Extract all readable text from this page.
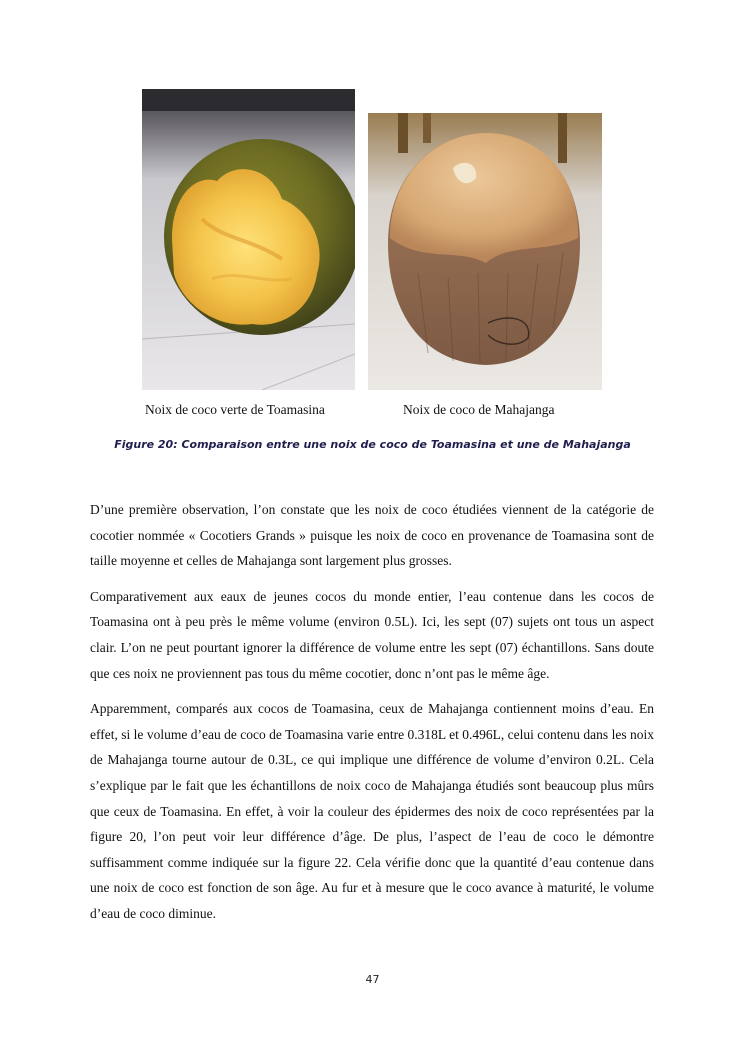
Noix de coco verte de Toamasina	Noix de coco de Mahajanga
Figure 20: Comparaison entre une noix de coco de Toamasina et une de Mahajanga

D’une première observation, l’on constate que les noix de coco étudiées viennent de la catégorie de cocotier nommée « Cocotiers Grands » puisque les noix de coco en provenance de Toamasina sont de taille moyenne et celles de Mahajanga sont largement plus grosses.

Comparativement aux eaux de jeunes cocos du monde entier, l’eau contenue dans les cocos de Toamasina ont à peu près le même volume (environ 0.5L). Ici, les sept (07) sujets ont tous un aspect clair. L’on ne peut pourtant ignorer la différence de volume entre les sept (07) échantillons. Sans doute que ces noix ne proviennent pas tous du même cocotier, donc n’ont pas le même âge.

Apparemment, comparés aux cocos de Toamasina, ceux de Mahajanga contiennent moins d’eau. En effet, si le volume d’eau de coco de Toamasina varie entre 0.318L et 0.496L, celui contenu dans les noix de Mahajanga tourne autour de 0.3L, ce qui implique une différence de volume d’environ 0.2L. Cela s’explique par le fait que les échantillons de noix coco de Mahajanga étudiés sont beaucoup plus mûrs que ceux de Toamasina. En effet, à voir la couleur des épidermes des noix de coco représentées par la figure 20, l’on peut voir leur différence d’âge. De plus, l’aspect de l’eau de coco le démontre suffisamment comme indiquée sur la figure 22. Cela vérifie donc que la quantité d’eau contenue dans une noix de coco est fonction de son âge. Au fur et à mesure que le coco avance à maturité, le volume d’eau de coco diminue.

47
